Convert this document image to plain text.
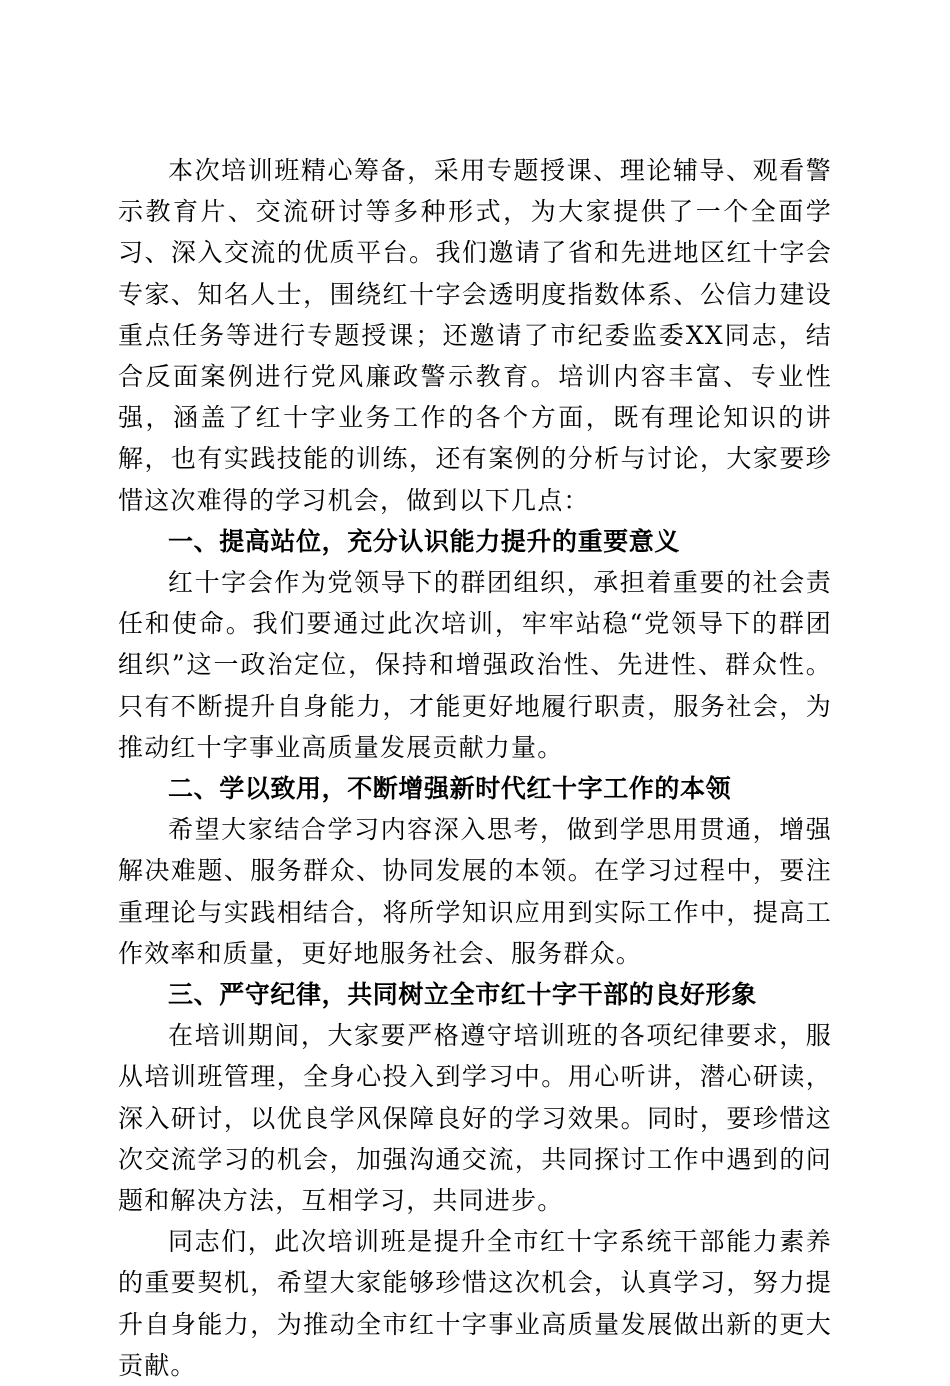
本次培训班精心筹备，采用专题授课、理论辅导、观看警示教育片、交流研讨等多种形式，为大家提供了一个全面学习、深入交流的优质平台。我们邀请了省和先进地区红十字会专家、知名人士，围绕红十字会透明度指数体系、公信力建设重点任务等进行专题授课；还邀请了市纪委监委XX同志，结合反面案例进行党风廉政警示教育。培训内容丰富、专业性强，涵盖了红十字业务工作的各个方面，既有理论知识的讲解，也有实践技能的训练，还有案例的分析与讨论，大家要珍惜这次难得的学习机会，做到以下几点：

一、提高站位，充分认识能力提升的重要意义

红十字会作为党领导下的群团组织，承担着重要的社会责任和使命。我们要通过此次培训，牢牢站稳“党领导下的群团组织”这一政治定位，保持和增强政治性、先进性、群众性。只有不断提升自身能力，才能更好地履行职责，服务社会，为推动红十字事业高质量发展贡献力量。

二、学以致用，不断增强新时代红十字工作的本领

希望大家结合学习内容深入思考，做到学思用贯通，增强解决难题、服务群众、协同发展的本领。在学习过程中，要注重理论与实践相结合，将所学知识应用到实际工作中，提高工作效率和质量，更好地服务社会、服务群众。

三、严守纪律，共同树立全市红十字干部的良好形象

在培训期间，大家要严格遵守培训班的各项纪律要求，服从培训班管理，全身心投入到学习中。用心听讲，潜心研读，深入研讨，以优良学风保障良好的学习效果。同时，要珍惜这次交流学习的机会，加强沟通交流，共同探讨工作中遇到的问题和解决方法，互相学习，共同进步。

同志们，此次培训班是提升全市红十字系统干部能力素养的重要契机，希望大家能够珍惜这次机会，认真学习，努力提升自身能力，为推动全市红十字事业高质量发展做出新的更大贡献。
